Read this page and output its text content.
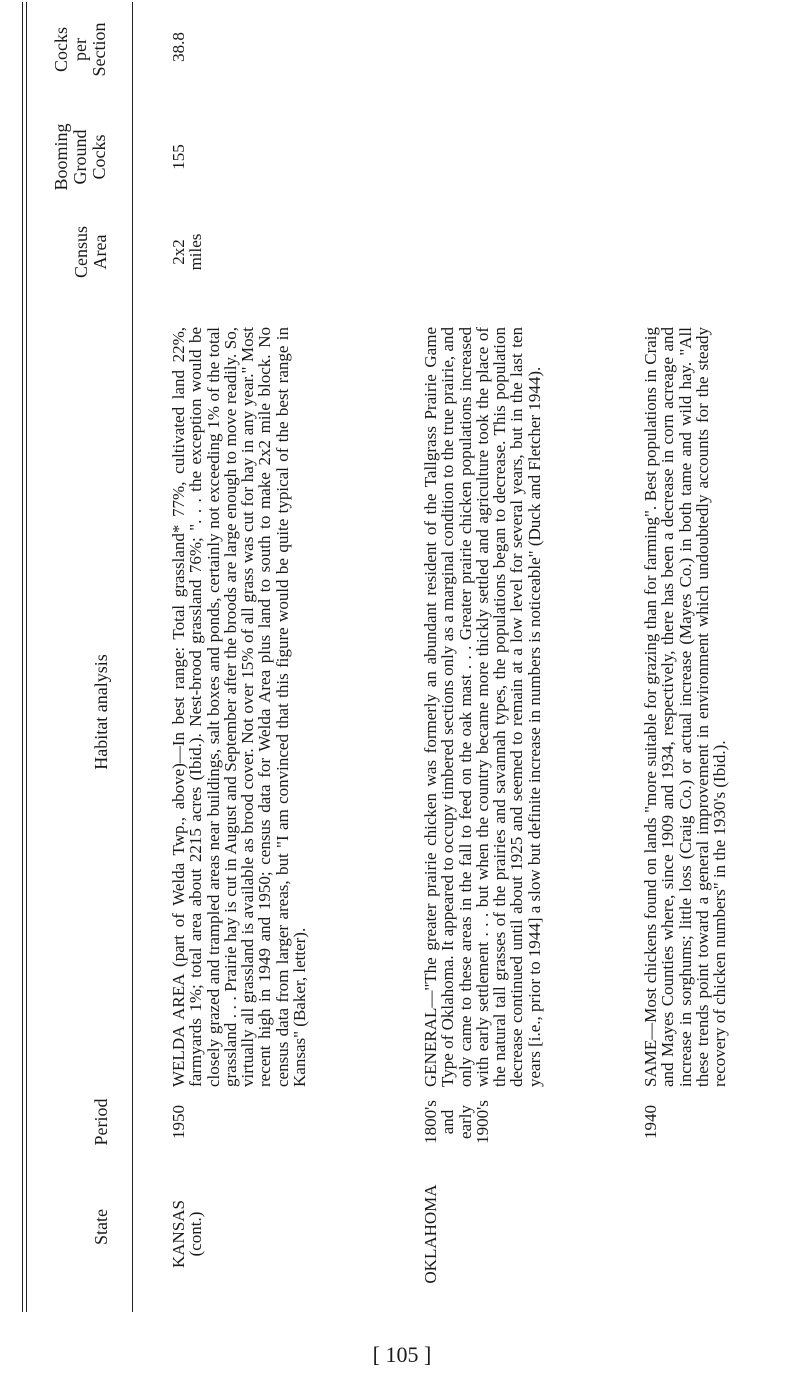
State
Period
Habitat analysis
Census Area
Booming Ground Cocks
Cocks per Section
KANSAS
(cont.)
1950

WELDA AREA (part of Welda Twp., above)—In best range: Total grassland* 77%, cultivated land 22%, farmyards 1%; total area about 2215 acres (Ibid.). Nest-brood grassland 76%; ". . . the exception would be closely grazed and trampled areas near buildings, salt boxes and ponds, certainly not exceeding 1% of the total grassland . . . Prairie hay is cut in August and September after the broods are large enough to move readily. So, virtually all grassland is available as brood cover. Not over 15% of all grass was cut for hay in any year." Most recent high in 1949 and 1950; census data for Welda Area plus land to south to make 2x2 mile block. No census data from larger areas, but "I am convinced that this figure would be quite typical of the best range in Kansas" (Baker, letter).

2x2
miles
155
38.8
OKLAHOMA
1800's
and
early
1900's

GENERAL—"The greater prairie chicken was formerly an abundant resident of the Tallgrass Prairie Game Type of Oklahoma. It appeared to occupy timbered sections only as a marginal condition to the true prairie, and only came to these areas in the fall to feed on the oak mast . . . Greater prairie chicken populations increased with early settlement . . . but when the country became more thickly settled and agriculture took the place of the natural tall grasses of the prairies and savannah types, the populations began to decrease. This population decrease continued until about 1925 and seemed to remain at a low level for several years, but in the last ten years [i.e., prior to 1944] a slow but definite increase in numbers is noticeable" (Duck and Fletcher 1944).

1940

SAME—Most chickens found on lands "more suitable for grazing than for farming". Best populations in Craig and Mayes Counties where, since 1909 and 1934, respectively, there has been a decrease in corn acreage and increase in sorghums; little loss (Craig Co.) or actual increase (Mayes Co.) in both tame and wild hay. "All these trends point toward a general improvement in environment which undoubtedly accounts for the steady recovery of chicken numbers" in the 1930's (Ibid.).

[ 105 ]
